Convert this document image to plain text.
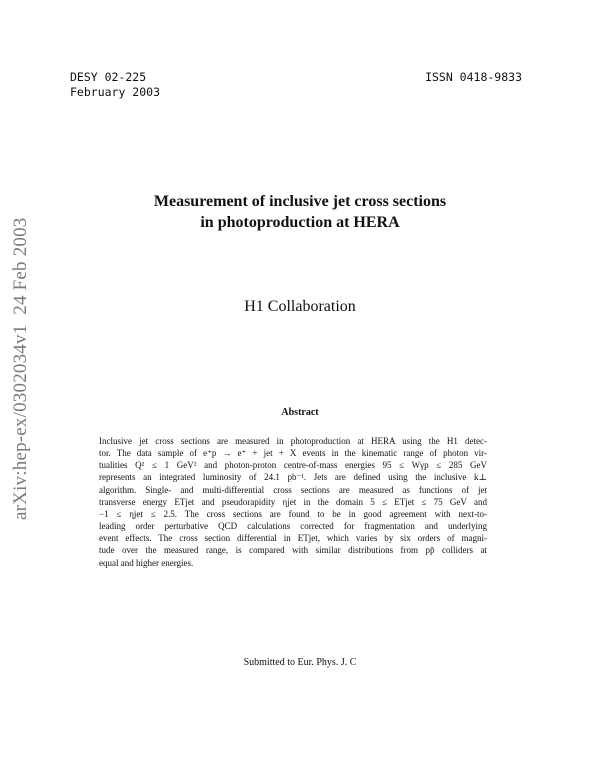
DESY 02-225
February 2003
ISSN 0418-9833
arXiv:hep-ex/0302034v1  24 Feb 2003
Measurement of inclusive jet cross sections
in photoproduction at HERA
H1 Collaboration
Abstract
Inclusive jet cross sections are measured in photoproduction at HERA using the H1 detec-
tor. The data sample of e⁺p → e⁺ + jet + X events in the kinematic range of photon vir-
tualities Q² ≤ 1 GeV² and photon-proton centre-of-mass energies 95 ≤ Wγp ≤ 285 GeV
represents an integrated luminosity of 24.1 pb⁻¹. Jets are defined using the inclusive k⊥
algorithm. Single- and multi-differential cross sections are measured as functions of jet
transverse energy ETjet and pseudorapidity ηjet in the domain 5 ≤ ETjet ≤ 75 GeV and
−1 ≤ ηjet ≤ 2.5. The cross sections are found to be in good agreement with next-to-
leading order perturbative QCD calculations corrected for fragmentation and underlying
event effects. The cross section differential in ETjet, which varies by six orders of magni-
tude over the measured range, is compared with similar distributions from pp̄ colliders at
equal and higher energies.
Submitted to Eur. Phys. J. C
